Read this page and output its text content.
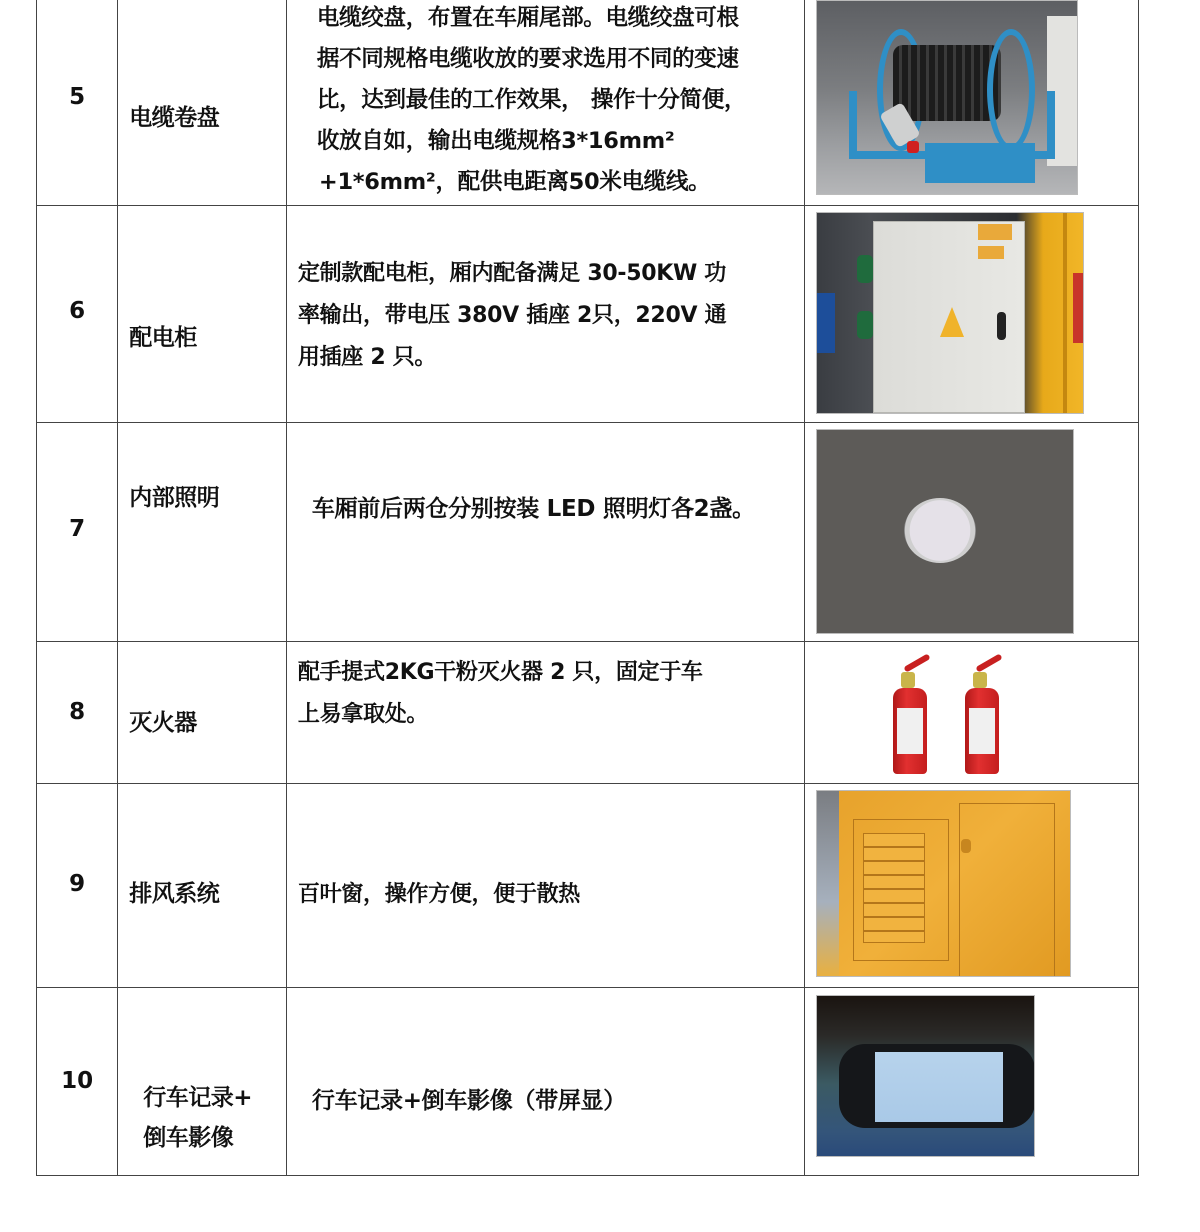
5	电缆卷盘	电缆绞盘，布置在车厢尾部。电缆绞盘可根
据不同规格电缆收放的要求选用不同的变速
比，达到最佳的工作效果， 操作十分简便，
收放自如，输出电缆规格3*16mm²
+1*6mm²，配供电距离50米电缆线。	

6	配电柜	定制款配电柜，厢内配备满足 30-50KW 功
率输出，带电压 380V 插座 2只，220V 通
用插座 2 只。	

7	内部照明	车厢前后两仓分别按装 LED 照明灯各2盏。	

8	灭火器	配手提式2KG干粉灭火器 2 只，固定于车
上易拿取处。	

9	排风系统	百叶窗，操作方便，便于散热	

10	行车记录+
倒车影像	行车记录+倒车影像（带屏显）	
